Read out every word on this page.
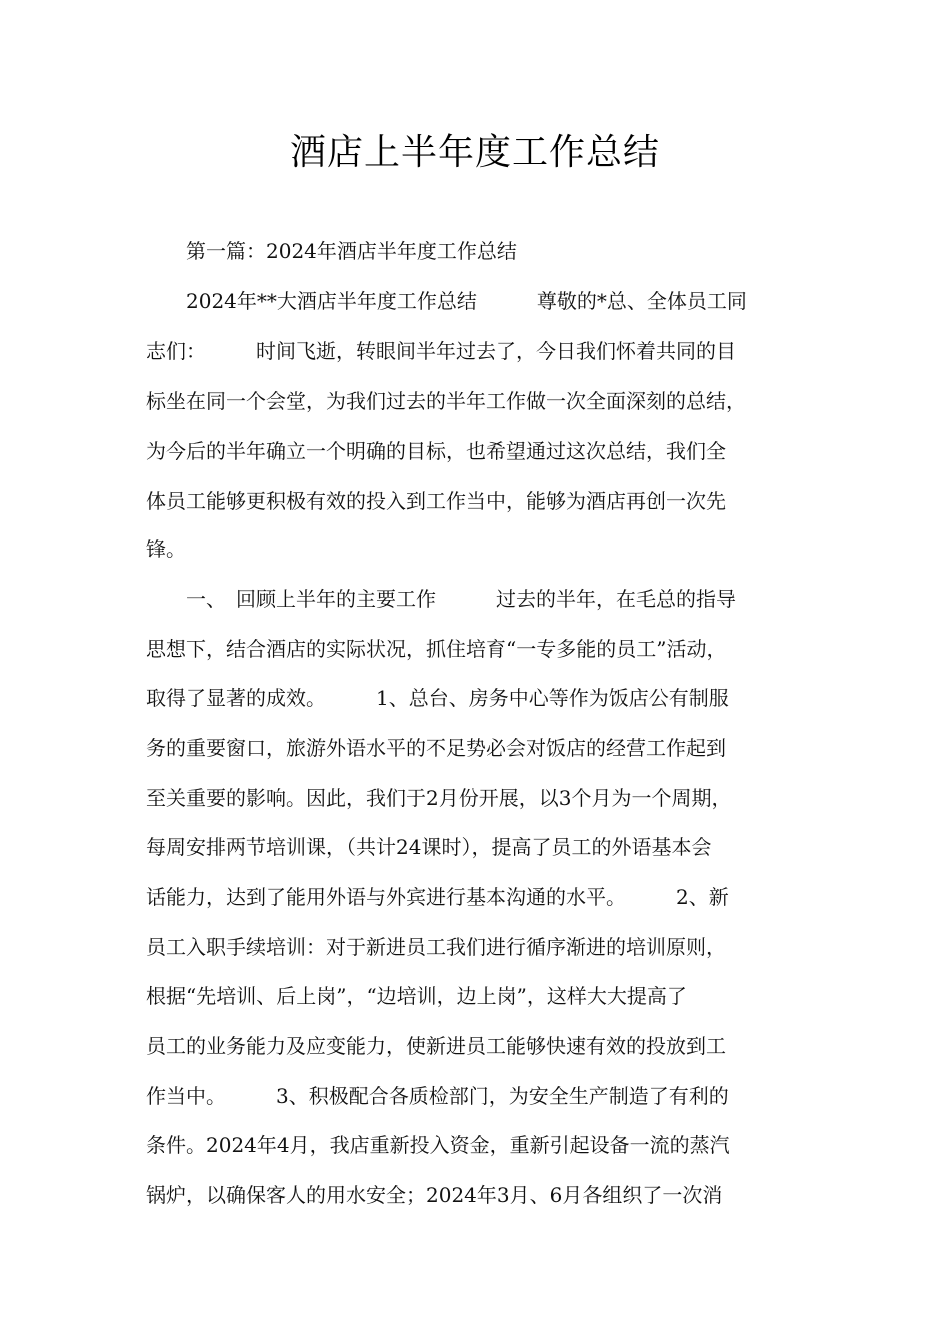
酒店上半年度工作总结
　　第一篇：2024年酒店半年度工作总结
　　2024年**大酒店半年度工作总结　　　尊敬的*总、全体员工同
志们：　　　时间飞逝，转眼间半年过去了，今日我们怀着共同的目
标坐在同一个会堂，为我们过去的半年工作做一次全面深刻的总结，
为今后的半年确立一个明确的目标，也希望通过这次总结，我们全
体员工能够更积极有效的投入到工作当中，能够为酒店再创一次先
锋。
　　一、　回顾上半年的主要工作　　　过去的半年，在毛总的指导
思想下，结合酒店的实际状况，抓住培育“一专多能的员工”活动，
取得了显著的成效。　　　1、总台、房务中心等作为饭店公有制服
务的重要窗口，旅游外语水平的不足势必会对饭店的经营工作起到
至关重要的影响。因此，我们于2月份开展，以3个月为一个周期，
每周安排两节培训课，（共计24课时），提高了员工的外语基本会
话能力，达到了能用外语与外宾进行基本沟通的水平。　　　2、新
员工入职手续培训：对于新进员工我们进行循序渐进的培训原则，
根据“先培训、后上岗”，“边培训，边上岗”，这样大大提高了
员工的业务能力及应变能力，使新进员工能够快速有效的投放到工
作当中。　　　3、积极配合各质检部门，为安全生产制造了有利的
条件。2024年4月，我店重新投入资金，重新引起设备一流的蒸汽
锅炉，以确保客人的用水安全；2024年3月、6月各组织了一次消
